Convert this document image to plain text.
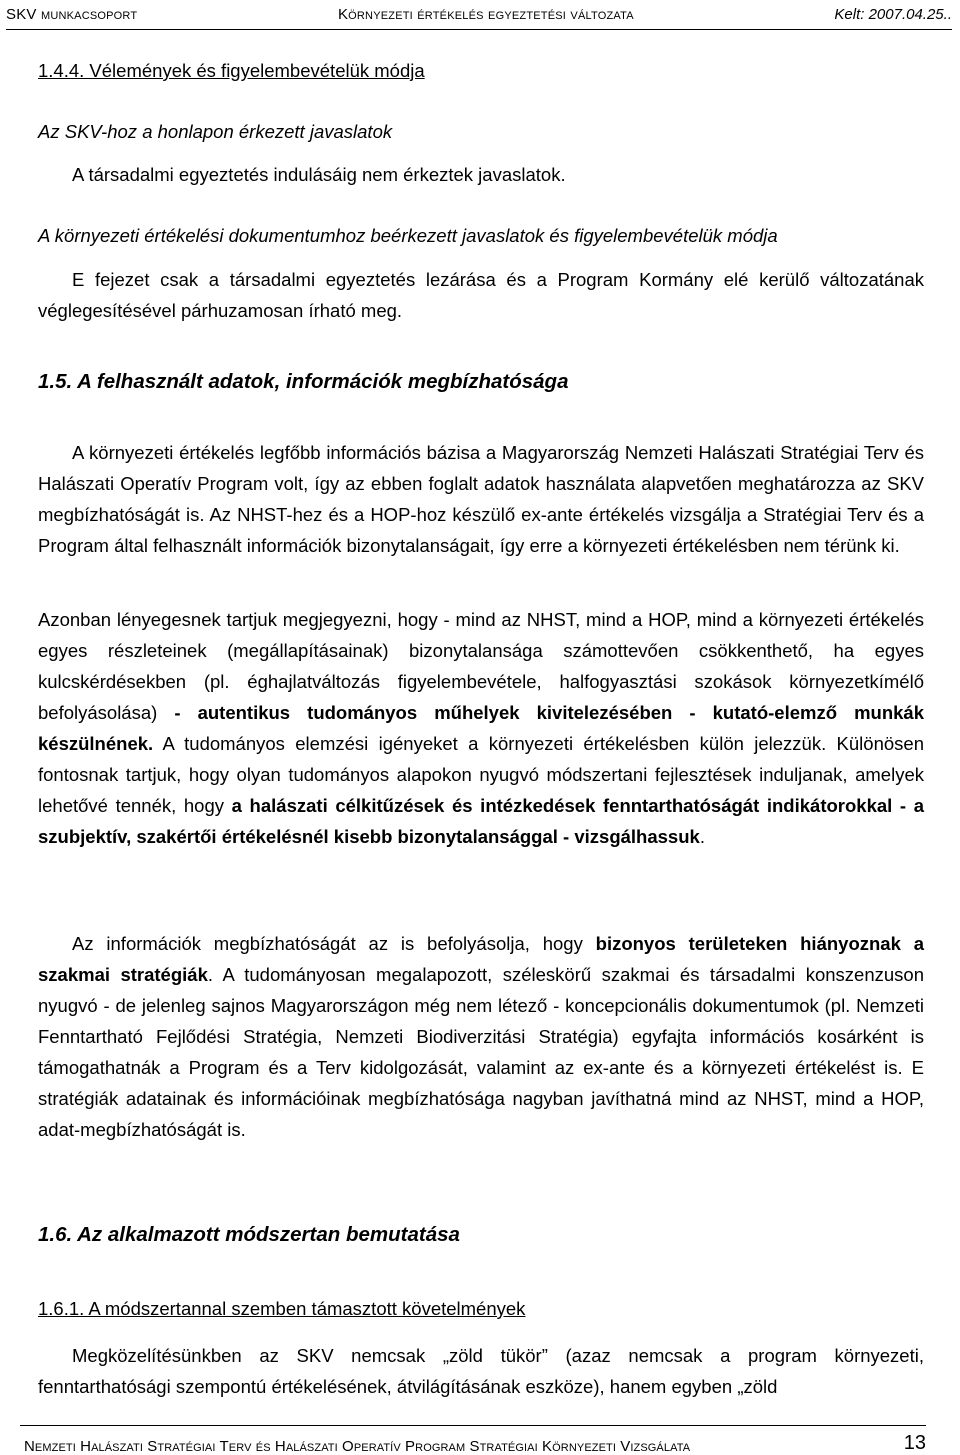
SKV munkacsoport	Környezeti értékelés egyeztetési változata	Kelt: 2007.04.25..
1.4.4. Vélemények és figyelembevételük módja
Az SKV-hoz a honlapon érkezett javaslatok
A társadalmi egyeztetés indulásáig nem érkeztek javaslatok.
A környezeti értékelési dokumentumhoz beérkezett javaslatok és figyelembevételük módja

E fejezet csak a társadalmi egyeztetés lezárása és a Program Kormány elé kerülő változatának véglegesítésével párhuzamosan írható meg.

1.5. A felhasznált adatok, információk megbízhatósága

A környezeti értékelés legfőbb információs bázisa a Magyarország Nemzeti Halászati Stratégiai Terv és Halászati Operatív Program volt, így az ebben foglalt adatok használata alapvetően meghatározza az SKV megbízhatóságát is. Az NHST-hez és a HOP-hoz készülő ex-ante értékelés vizsgálja a Stratégiai Terv és a Program által felhasznált információk bizonytalanságait, így erre a környezeti értékelésben nem térünk ki.

Azonban lényegesnek tartjuk megjegyezni, hogy - mind az NHST, mind a HOP, mind a környezeti értékelés egyes részleteinek (megállapításainak) bizonytalansága számottevően csökkenthető, ha egyes kulcskérdésekben (pl. éghajlatváltozás figyelembevétele, halfogyasztási szokások környezetkímélő befolyásolása) - autentikus tudományos műhelyek kivitelezésében - kutató-elemző munkák készülnének. A tudományos elemzési igényeket a környezeti értékelésben külön jelezzük. Különösen fontosnak tartjuk, hogy olyan tudományos alapokon nyugvó módszertani fejlesztések induljanak, amelyek lehetővé tennék, hogy a halászati célkitűzések és intézkedések fenntarthatóságát indikátorokkal - a szubjektív, szakértői értékelésnél kisebb bizonytalansággal - vizsgálhassuk.

Az információk megbízhatóságát az is befolyásolja, hogy bizonyos területeken hiányoznak a szakmai stratégiák. A tudományosan megalapozott, széleskörű szakmai és társadalmi konszenzuson nyugvó - de jelenleg sajnos Magyarországon még nem létező - koncepcionális dokumentumok (pl. Nemzeti Fenntartható Fejlődési Stratégia, Nemzeti Biodiverzitási Stratégia) egyfajta információs kosárként is támogathatnák a Program és a Terv kidolgozását, valamint az ex-ante és a környezeti értékelést is. E stratégiák adatainak és információinak megbízhatósága nagyban javíthatná mind az NHST, mind a HOP, adat-megbízhatóságát is.

1.6. Az alkalmazott módszertan bemutatása
1.6.1. A módszertannal szemben támasztott követelmények

Megközelítésünkben az SKV nemcsak „zöld tükör” (azaz nemcsak a program környezeti, fenntarthatósági szempontú értékelésének, átvilágításának eszköze), hanem egyben „zöld

Nemzeti Halászati Stratégiai Terv és Halászati Operatív Program Stratégiai Környezeti Vizsgálata	13
